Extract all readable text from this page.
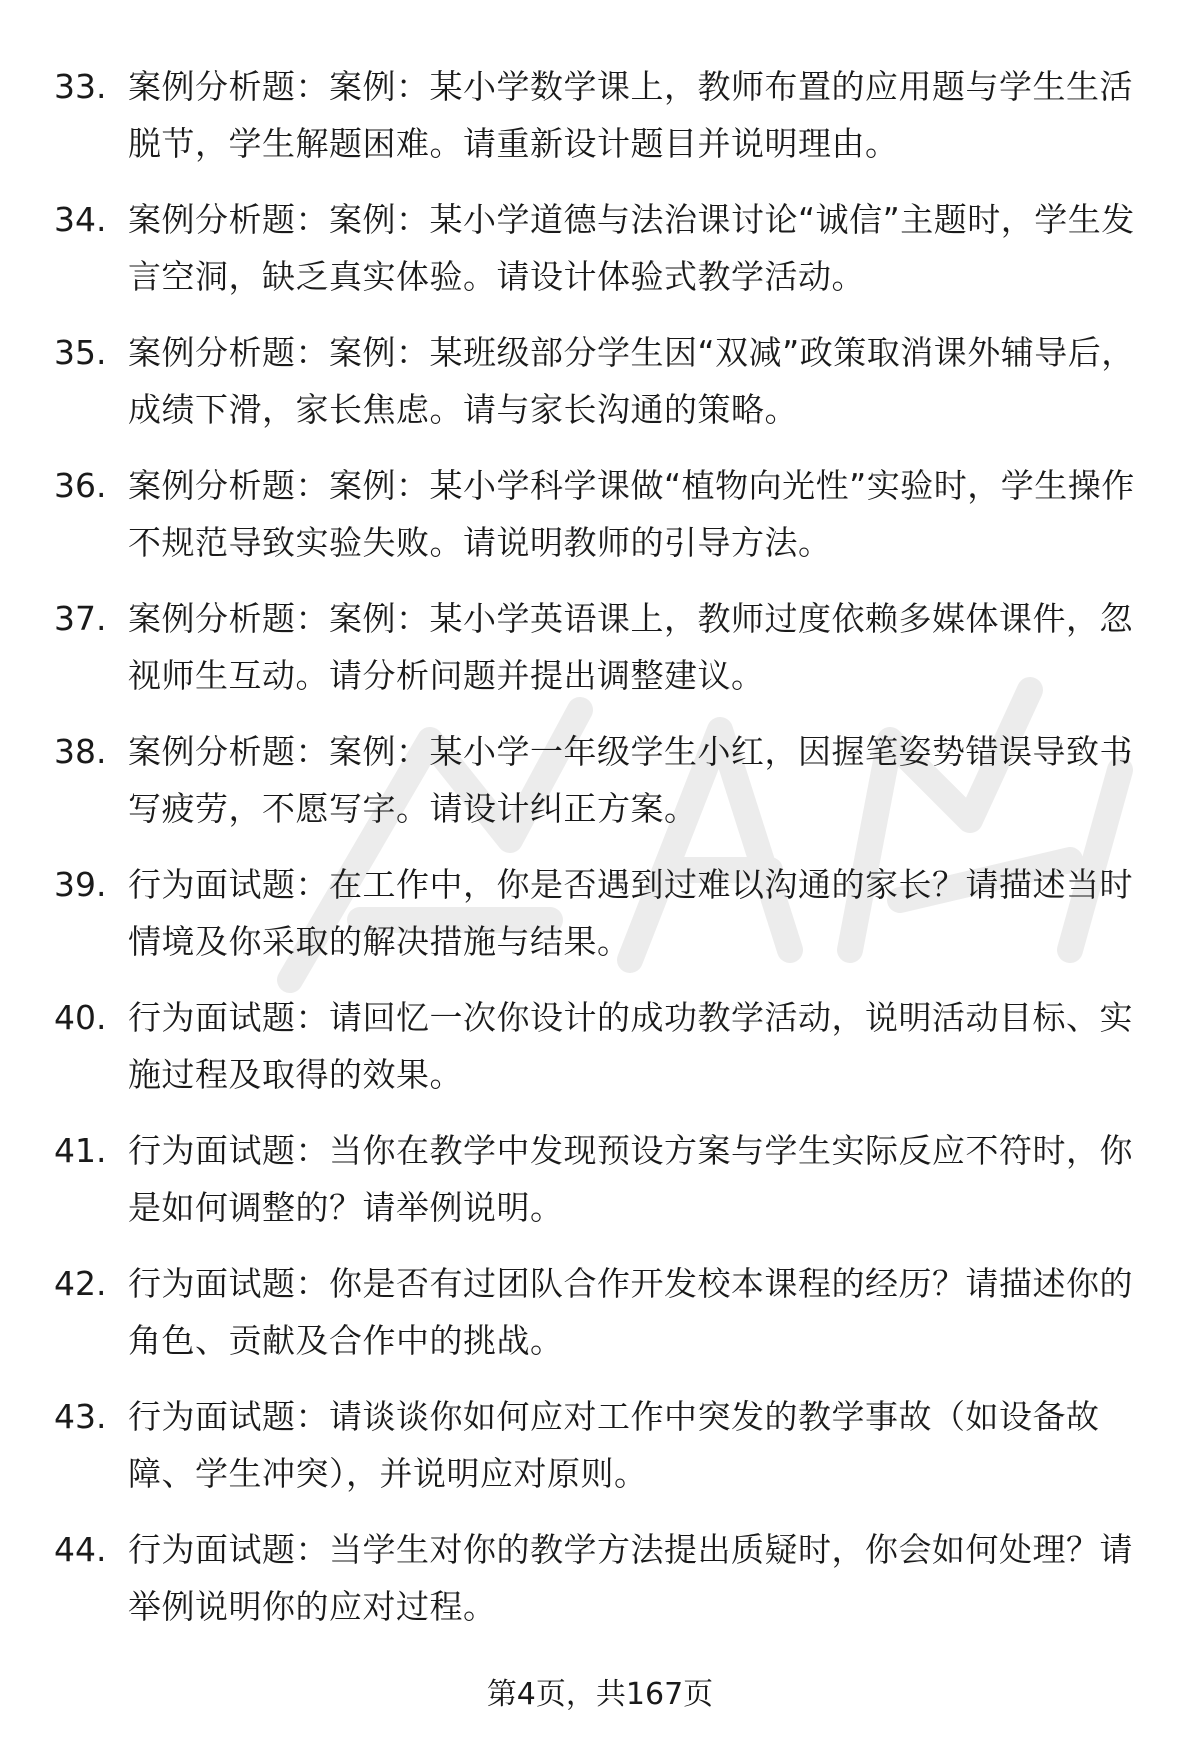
33. 案例分析题：案例：某小学数学课上，教师布置的应用题与学生生活脱节，学生解题困难。请重新设计题目并说明理由。
34. 案例分析题：案例：某小学道德与法治课讨论“诚信”主题时，学生发言空洞，缺乏真实体验。请设计体验式教学活动。
35. 案例分析题：案例：某班级部分学生因“双减”政策取消课外辅导后，成绩下滑，家长焦虑。请与家长沟通的策略。
36. 案例分析题：案例：某小学科学课做“植物向光性”实验时，学生操作不规范导致实验失败。请说明教师的引导方法。
37. 案例分析题：案例：某小学英语课上，教师过度依赖多媒体课件，忽视师生互动。请分析问题并提出调整建议。
38. 案例分析题：案例：某小学一年级学生小红，因握笔姿势错误导致书写疲劳，不愿写字。请设计纠正方案。
39. 行为面试题：在工作中，你是否遇到过难以沟通的家长？请描述当时情境及你采取的解决措施与结果。
40. 行为面试题：请回忆一次你设计的成功教学活动，说明活动目标、实施过程及取得的效果。
41. 行为面试题：当你在教学中发现预设方案与学生实际反应不符时，你是如何调整的？请举例说明。
42. 行为面试题：你是否有过团队合作开发校本课程的经历？请描述你的角色、贡献及合作中的挑战。
43. 行为面试题：请谈谈你如何应对工作中突发的教学事故（如设备故障、学生冲突），并说明应对原则。
44. 行为面试题：当学生对你的教学方法提出质疑时，你会如何处理？请举例说明你的应对过程。
第4页，共167页
